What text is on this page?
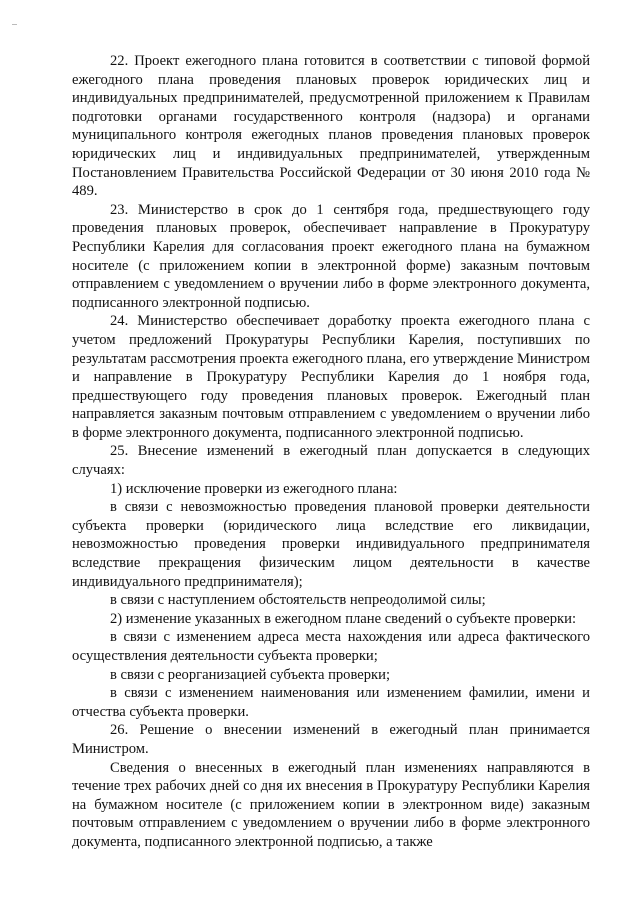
22. Проект ежегодного плана готовится в соответствии с типовой формой ежегодного плана проведения плановых проверок юридических лиц и индивидуальных предпринимателей, предусмотренной приложением к Правилам подготовки органами государственного контроля (надзора) и органами муниципального контроля ежегодных планов проведения плановых проверок юридических лиц и индивидуальных предпринимателей, утвержденным Постановлением Правительства Российской Федерации от 30 июня 2010 года № 489.

23. Министерство в срок до 1 сентября года, предшествующего году проведения плановых проверок, обеспечивает направление в Прокуратуру Республики Карелия для согласования проект ежегодного плана на бумажном носителе (с приложением копии в электронной форме) заказным почтовым отправлением с уведомлением о вручении либо в форме электронного документа, подписанного электронной подписью.

24. Министерство обеспечивает доработку проекта ежегодного плана с учетом предложений Прокуратуры Республики Карелия, поступивших по результатам рассмотрения проекта ежегодного плана, его утверждение Министром и направление в Прокуратуру Республики Карелия до 1 ноября года, предшествующего году проведения плановых проверок. Ежегодный план направляется заказным почтовым отправлением с уведомлением о вручении либо в форме электронного документа, подписанного электронной подписью.

25. Внесение изменений в ежегодный план допускается в следующих случаях:

1) исключение проверки из ежегодного плана:

в связи с невозможностью проведения плановой проверки деятельности субъекта проверки (юридического лица вследствие его ликвидации, невозможностью проведения проверки индивидуального предпринимателя вследствие прекращения физическим лицом деятельности в качестве индивидуального предпринимателя);

в связи с наступлением обстоятельств непреодолимой силы;

2) изменение указанных в ежегодном плане сведений о субъекте проверки:

в связи с изменением адреса места нахождения или адреса фактического осуществления деятельности субъекта проверки;

в связи с реорганизацией субъекта проверки;

в связи с изменением наименования или изменением фамилии, имени и отчества субъекта проверки.

26. Решение о внесении изменений в ежегодный план принимается Министром.

Сведения о внесенных в ежегодный план изменениях направляются в течение трех рабочих дней со дня их внесения в Прокуратуру Республики Карелия на бумажном носителе (с приложением копии в электронном виде) заказным почтовым отправлением с уведомлением о вручении либо в форме электронного документа, подписанного электронной подписью, а также
